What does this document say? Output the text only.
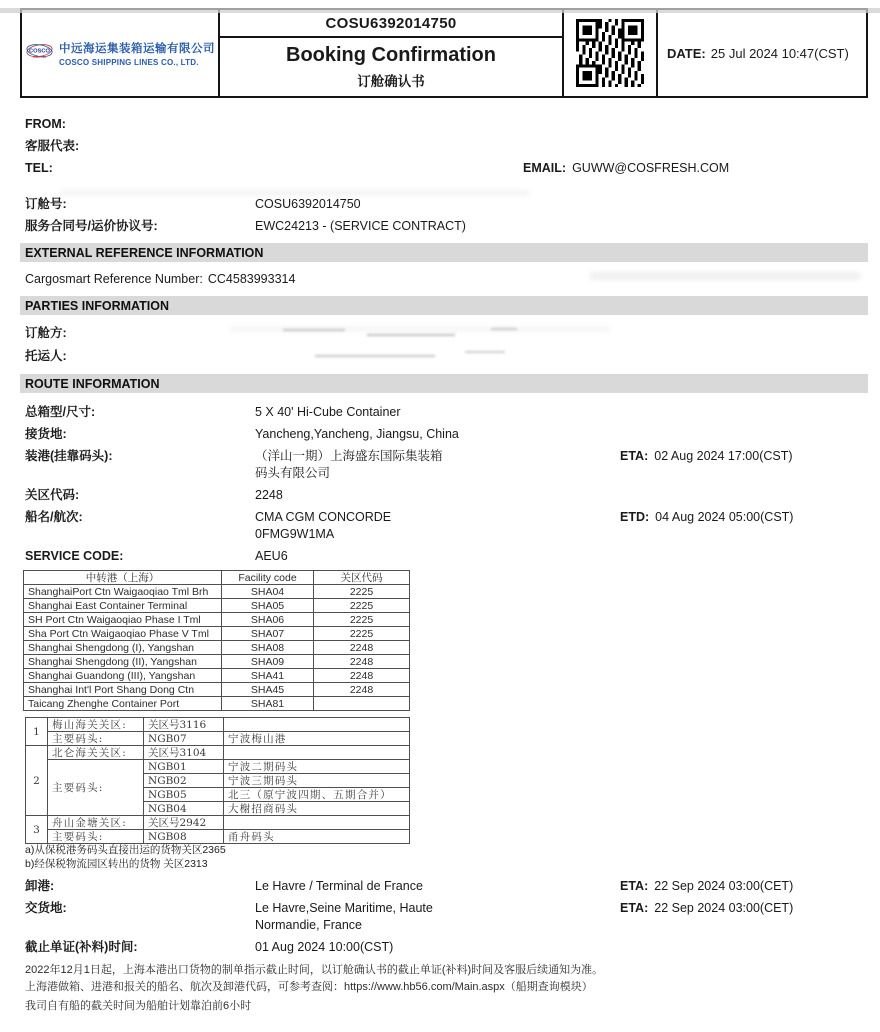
COSCO
SHIPPING
中远海运集装箱运输有限公司
COSCO SHIPPING LINES CO., LTD.
COSU6392014750
Booking Confirmation
订舱确认书
DATE: 25 Jul 2024 10:47(CST)
FROM:
客服代表:
TEL:	EMAIL: GUWW@COSFRESH.COM
订舱号:	COSU6392014750
服务合同号/运价协议号:	EWC24213 - (SERVICE CONTRACT)
EXTERNAL REFERENCE INFORMATION
Cargosmart Reference Number: CC4583993314
PARTIES INFORMATION
订舱方:
托运人:
ROUTE INFORMATION
总箱型/尺寸:	5 X 40' Hi-Cube Container
接货地:	Yancheng,Yancheng, Jiangsu, China
装港(挂靠码头):	（洋山一期）上海盛东国际集装箱
码头有限公司
ETA: 02 Aug 2024 17:00(CST)
关区代码:	2248
船名/航次:	CMA CGM CONCORDE
0FMG9W1MA
ETD: 04 Aug 2024 05:00(CST)
SERVICE CODE:	AEU6
中转港（上海）	Facility code	关区代码
ShanghaiPort Ctn Waigaoqiao Tml Brh	SHA04	2225
Shanghai East Container Terminal	SHA05	2225
SH Port Ctn Waigaoqiao Phase I Tml	SHA06	2225
Sha Port Ctn Waigaoqiao Phase V Tml	SHA07	2225
Shanghai Shengdong (I), Yangshan	SHA08	2248
Shanghai Shengdong (II), Yangshan	SHA09	2248
Shanghai Guandong (III), Yangshan	SHA41	2248
Shanghai Int'l Port Shang Dong Ctn	SHA45	2248
Taicang Zhenghe Container Port	SHA81	
1	梅山海关关区:	关区号3116	
	主要码头:	NGB07	宁波梅山港
2	北仑海关关区:	关区号3104	
	主要码头:	NGB01	宁波二期码头
		NGB02	宁波三期码头
		NGB05	北三（原宁波四期、五期合并）
		NGB04	大榭招商码头
3	舟山金塘关区:	关区号2942	
	主要码头:	NGB08	甬舟码头
a)从保税港务码头直接出运的货物关区2365
b)经保税物流园区转出的货物 关区2313
卸港:	Le Havre / Terminal de France	ETA: 22 Sep 2024 03:00(CET)
交货地:	Le Havre,Seine Maritime, Haute
Normandie, France
ETA: 22 Sep 2024 03:00(CET)
截止单证(补料)时间:	01 Aug 2024 10:00(CST)
2022年12月1日起，上海本港出口货物的制单指示截止时间，以订舱确认书的截止单证(补料)时间及客服后续通知为准。
上海港做箱、进港和报关的船名、航次及卸港代码，可参考查阅：https://www.hb56.com/Main.aspx（船期查询模块）
我司自有船的截关时间为船舶计划靠泊前6小时
